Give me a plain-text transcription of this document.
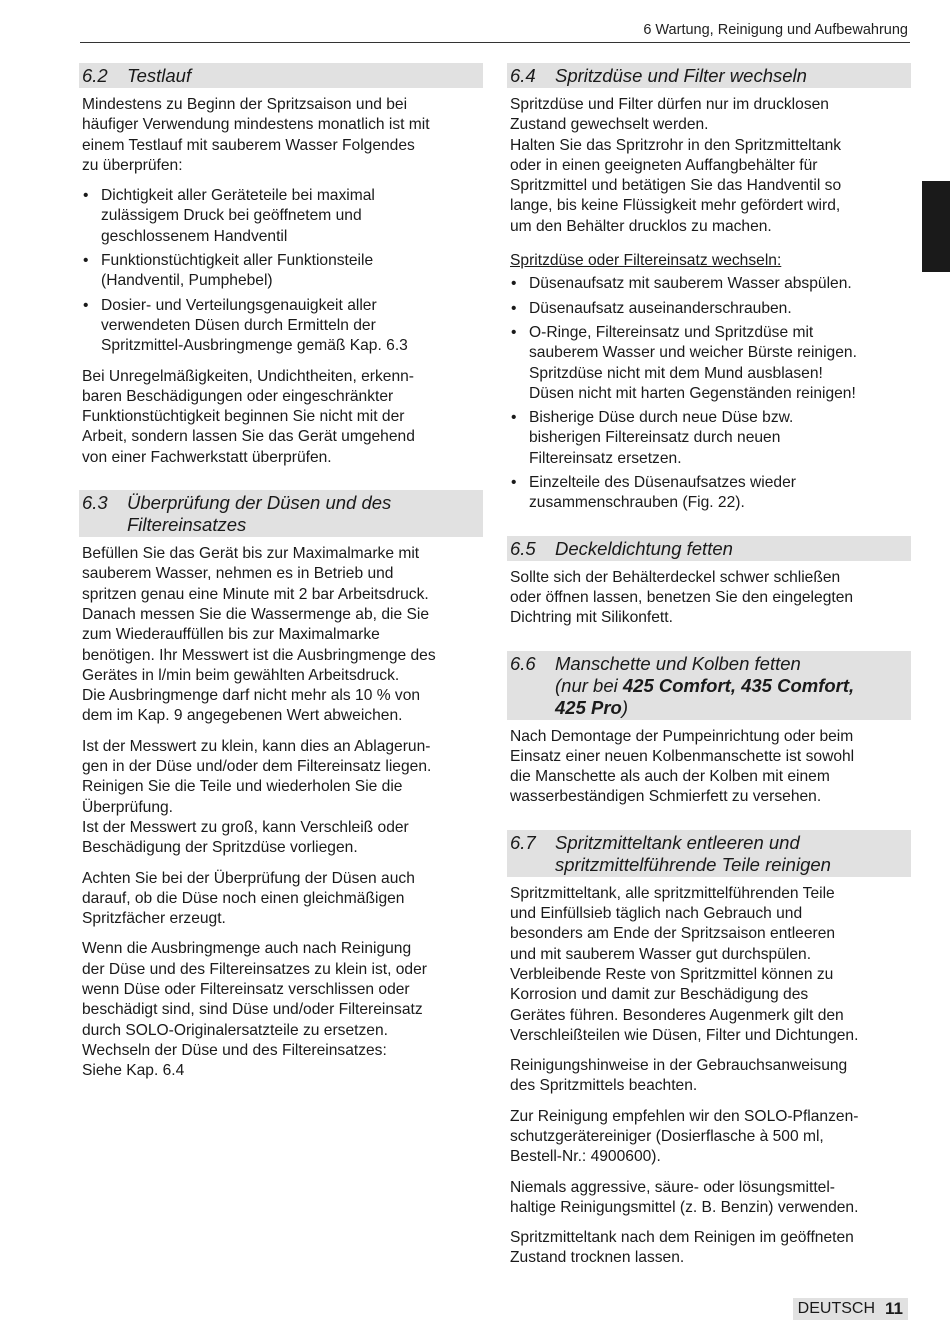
6 Wartung, Reinigung und Aufbewahrung
6.2	Testlauf

Mindestens zu Beginn der Spritzsaison und bei
häufiger Verwendung mindestens monatlich ist mit
einem Testlauf mit sauberem Wasser Folgendes
zu überprüfen:

• Dichtigkeit aller Geräteteile bei maximal
zulässigem Druck bei geöffnetem und
geschlossenem Handventil
• Funktionstüchtigkeit aller Funktionsteile
(Handventil, Pumphebel)
• Dosier- und Verteilungsgenauigkeit aller
verwendeten Düsen durch Ermitteln der
Spritzmittel-Ausbringmenge gemäß Kap. 6.3

Bei Unregelmäßigkeiten, Undichtheiten, erkenn-
baren Beschädigungen oder eingeschränkter
Funktionstüchtigkeit beginnen Sie nicht mit der
Arbeit, sondern lassen Sie das Gerät umgehend
von einer Fachwerkstatt überprüfen.

6.3	Überprüfung der Düsen und des
Filtereinsatzes

Befüllen Sie das Gerät bis zur Maximalmarke mit
sauberem Wasser, nehmen es in Betrieb und
spritzen genau eine Minute mit 2 bar Arbeitsdruck.
Danach messen Sie die Wassermenge ab, die Sie
zum Wiederauffüllen bis zur Maximalmarke
benötigen. Ihr Messwert ist die Ausbringmenge des
Gerätes in l/min beim gewählten Arbeitsdruck.
Die Ausbringmenge darf nicht mehr als 10 % von
dem im Kap. 9 angegebenen Wert abweichen.

Ist der Messwert zu klein, kann dies an Ablagerun-
gen in der Düse und/oder dem Filtereinsatz liegen.
Reinigen Sie die Teile und wiederholen Sie die
Überprüfung.
Ist der Messwert zu groß, kann Verschleiß oder
Beschädigung der Spritzdüse vorliegen.

Achten Sie bei der Überprüfung der Düsen auch
darauf, ob die Düse noch einen gleichmäßigen
Spritzfächer erzeugt.

Wenn die Ausbringmenge auch nach Reinigung
der Düse und des Filtereinsatzes zu klein ist, oder
wenn Düse oder Filtereinsatz verschlissen oder
beschädigt sind, sind Düse und/oder Filtereinsatz
durch SOLO-Originalersatzteile zu ersetzen.
Wechseln der Düse und des Filtereinsatzes:
Siehe Kap. 6.4

6.4	Spritzdüse und Filter wechseln

Spritzdüse und Filter dürfen nur im drucklosen
Zustand gewechselt werden.
Halten Sie das Spritzrohr in den Spritzmitteltank
oder in einen geeigneten Auffangbehälter für
Spritzmittel und betätigen Sie das Handventil so
lange, bis keine Flüssigkeit mehr gefördert wird,
um den Behälter drucklos zu machen.

Spritzdüse oder Filtereinsatz wechseln:

• Düsenaufsatz mit sauberem Wasser abspülen.
• Düsenaufsatz auseinanderschrauben.
• O-Ringe, Filtereinsatz und Spritzdüse mit
sauberem Wasser und weicher Bürste reinigen.
Spritzdüse nicht mit dem Mund ausblasen!
Düsen nicht mit harten Gegenständen reinigen!
• Bisherige Düse durch neue Düse bzw.
bisherigen Filtereinsatz durch neuen
Filtereinsatz ersetzen.
• Einzelteile des Düsenaufsatzes wieder
zusammenschrauben (Fig. 22).
6.5	Deckeldichtung fetten

Sollte sich der Behälterdeckel schwer schließen
oder öffnen lassen, benetzen Sie den eingelegten
Dichtring mit Silikonfett.

6.6	Manschette und Kolben fetten
(nur bei 425 Comfort, 435 Comfort,
425 Pro)

Nach Demontage der Pumpeinrichtung oder beim
Einsatz einer neuen Kolbenmanschette ist sowohl
die Manschette als auch der Kolben mit einem
wasserbeständigen Schmierfett zu versehen.

6.7	Spritzmitteltank entleeren und
spritzmittelführende Teile reinigen

Spritzmitteltank, alle spritzmittelführenden Teile
und Einfüllsieb täglich nach Gebrauch und
besonders am Ende der Spritzsaison entleeren
und mit sauberem Wasser gut durchspülen.
Verbleibende Reste von Spritzmittel können zu
Korrosion und damit zur Beschädigung des
Gerätes führen. Besonderes Augenmerk gilt den
Verschleißteilen wie Düsen, Filter und Dichtungen.

Reinigungshinweise in der Gebrauchsanweisung
des Spritzmittels beachten.

Zur Reinigung empfehlen wir den SOLO-Pflanzen-
schutzgerätereiniger (Dosierflasche à 500 ml,
Bestell-Nr.: 4900600).

Niemals aggressive, säure- oder lösungsmittel-
haltige Reinigungsmittel (z. B. Benzin) verwenden.

Spritzmitteltank nach dem Reinigen im geöffneten
Zustand trocknen lassen.

DEUTSCH 11
